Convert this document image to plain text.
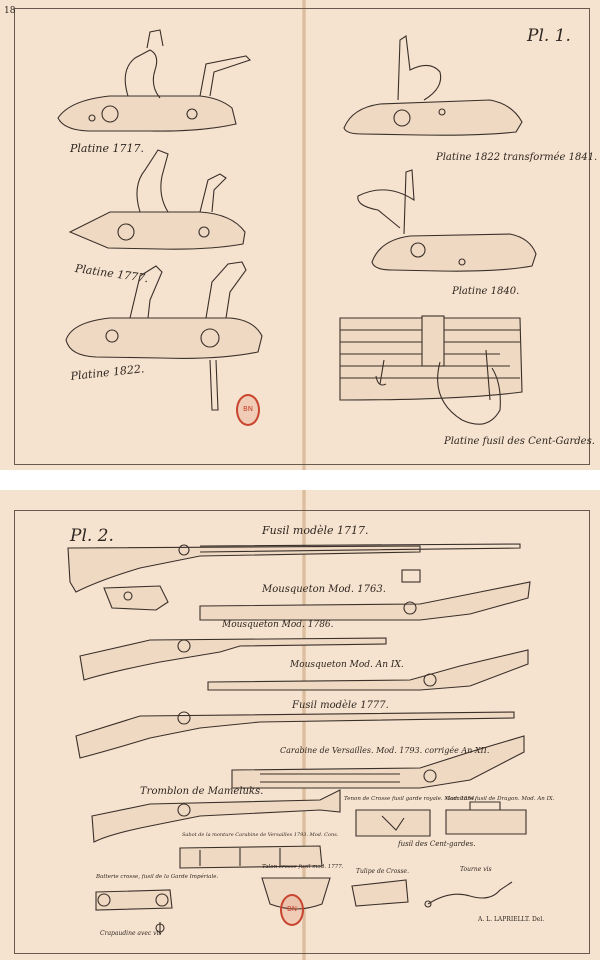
18
Pl. 1.
Platine 1717.
Platine 1777.
Platine 1822.
Platine 1822 transformée 1841.
Platine 1840.
Platine fusil des Cent-Gardes.
BN
Pl. 2.	Fusil modèle 1717.
Mousqueton Mod. 1763.
Mousqueton Mod. 1786.
Mousqueton Mod. An IX.
Fusil modèle 1777.
Carabine de Versailles. Mod. 1793. corrigée An XII.
Tromblon de Mameluks.
Tenon de Crosse fusil garde royale. Mod. 1854.
Garniture fusil de Dragon. Mod. An IX.
fusil des Cent-gardes.
Sabot de la monture Carabine de Versailles 1793. Mod. Cons.
Batterie crosse, fusil de la Garde Impériale.
Talon crosse fusil mod. 1777.
Tulipe de Crosse.	Tourne vis
Crapaudine avec vis
A. L. LAPRIELLT. Del.
BN
